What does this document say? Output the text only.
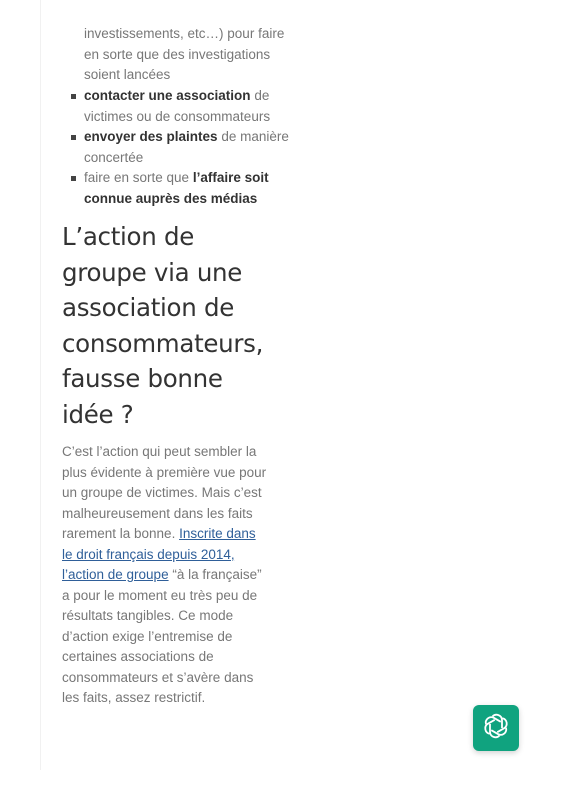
investissements, etc…) pour faire en sorte que des investigations soient lancées
contacter une association de victimes ou de consommateurs
envoyer des plaintes de manière concertée
faire en sorte que l’affaire soit connue auprès des médias
L’action de groupe via une association de consommateurs, fausse bonne idée ?

C’est l’action qui peut sembler la plus évidente à première vue pour un groupe de victimes. Mais c’est malheureusement dans les faits rarement la bonne. Inscrite dans le droit français depuis 2014, l’action de groupe “à la française” a pour le moment eu très peu de résultats tangibles. Ce mode d’action exige l’entremise de certaines associations de consommateurs et s’avère dans les faits, assez restrictif.
